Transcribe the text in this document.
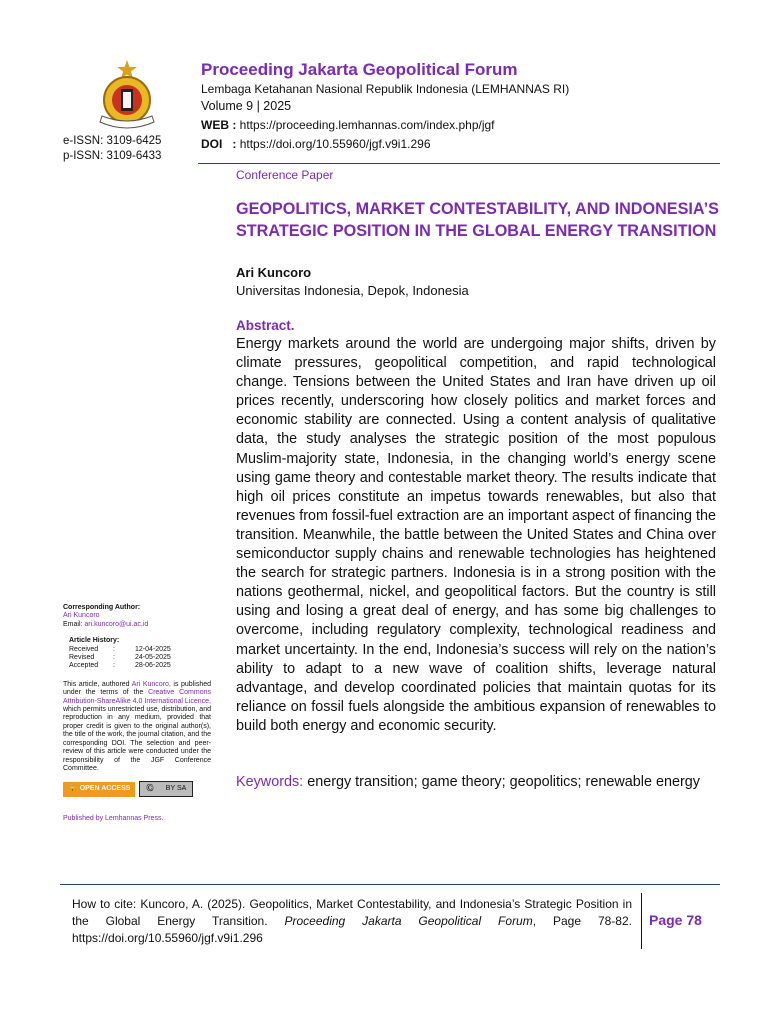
e-ISSN: 3109-6425
p-ISSN: 3109-6433
Proceeding Jakarta Geopolitical Forum
Lembaga Ketahanan Nasional Republik Indonesia (LEMHANNAS RI)
Volume 9 | 2025
WEB : https://proceeding.lemhannas.com/index.php/jgf
DOI   : https://doi.org/10.55960/jgf.v9i1.296
Conference Paper
GEOPOLITICS, MARKET CONTESTABILITY, AND INDONESIA’S STRATEGIC POSITION IN THE GLOBAL ENERGY TRANSITION
Ari Kuncoro
Universitas Indonesia, Depok, Indonesia
Abstract.
Energy markets around the world are undergoing major shifts, driven by climate pressures, geopolitical competition, and rapid technological change. Tensions between the United States and Iran have driven up oil prices recently, underscoring how closely politics and market forces and economic stability are connected. Using a content analysis of qualitative data, the study analyses the strategic position of the most populous Muslim-majority state, Indonesia, in the changing world’s energy scene using game theory and contestable market theory. The results indicate that high oil prices constitute an impetus towards renewables, but also that revenues from fossil-fuel extraction are an important aspect of financing the transition. Meanwhile, the battle between the United States and China over semiconductor supply chains and renewable technologies has heightened the search for strategic partners. Indonesia is in a strong position with the nations geothermal, nickel, and geopolitical factors. But the country is still using and losing a great deal of energy, and has some big challenges to overcome, including regulatory complexity, technological readiness and market uncertainty. In the end, Indonesia’s success will rely on the nation’s ability to adapt to a new wave of coalition shifts, leverage natural advantage, and develop coordinated policies that maintain quotas for its reliance on fossil fuels alongside the ambitious expansion of renewables to build both energy and economic security.
Keywords: energy transition; game theory; geopolitics; renewable energy
Corresponding Author:
Ari Kuncoro
Email: ari.kuncoro@ui.ac.id
Article History:
Received	:	12-04-2025
Revised	:	24-05-2025
Accepted	:	28-06-2025
This article, authored Ari Kuncoro, is published under the terms of the Creative Commons Attribution-ShareAlike 4.0 International Licence, which permits unrestricted use, distribution, and reproduction in any medium, provided that proper credit is given to the original author(s), the title of the work, the journal citation, and the corresponding DOI. The selection and peer-review of this article were conducted under the responsibility of the JGF Conference Committee.
🔓 OPEN ACCESS Ⓒ BY SA
Published by Lemhannas Press.
How to cite: Kuncoro, A. (2025). Geopolitics, Market Contestability, and Indonesia’s Strategic Position in the Global Energy Transition. Proceeding Jakarta Geopolitical Forum, Page 78-82. https://doi.org/10.55960/jgf.v9i1.296
Page 78
